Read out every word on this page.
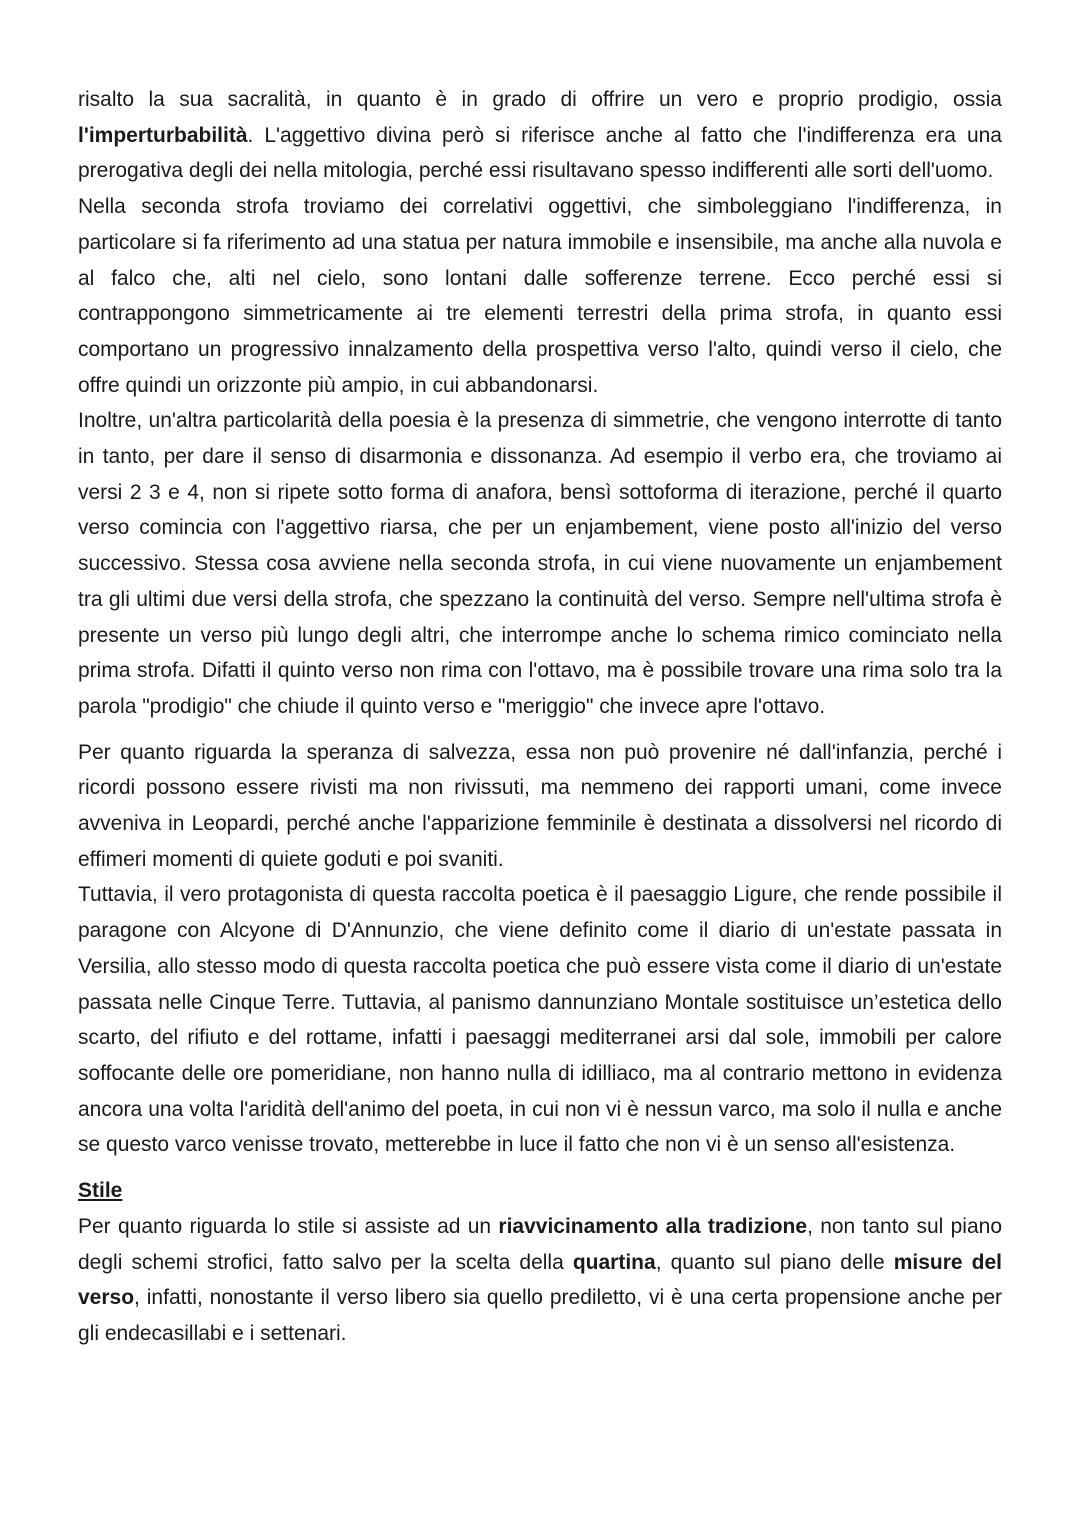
risalto la sua sacralità, in quanto è in grado di offrire un vero e proprio prodigio, ossia l'imperturbabilità. L'aggettivo divina però si riferisce anche al fatto che l'indifferenza era una prerogativa degli dei nella mitologia, perché essi risultavano spesso indifferenti alle sorti dell'uomo.

Nella seconda strofa troviamo dei correlativi oggettivi, che simboleggiano l'indifferenza, in particolare si fa riferimento ad una statua per natura immobile e insensibile, ma anche alla nuvola e al falco che, alti nel cielo, sono lontani dalle sofferenze terrene. Ecco perché essi si contrappongono simmetricamente ai tre elementi terrestri della prima strofa, in quanto essi comportano un progressivo innalzamento della prospettiva verso l'alto, quindi verso il cielo, che offre quindi un orizzonte più ampio, in cui abbandonarsi.

Inoltre, un'altra particolarità della poesia è la presenza di simmetrie, che vengono interrotte di tanto in tanto, per dare il senso di disarmonia e dissonanza. Ad esempio il verbo era, che troviamo ai versi 2 3 e 4, non si ripete sotto forma di anafora, bensì sottoforma di iterazione, perché il quarto verso comincia con l'aggettivo riarsa, che per un enjambement, viene posto all'inizio del verso successivo. Stessa cosa avviene nella seconda strofa, in cui viene nuovamente un enjambement tra gli ultimi due versi della strofa, che spezzano la continuità del verso. Sempre nell'ultima strofa è presente un verso più lungo degli altri, che interrompe anche lo schema rimico cominciato nella prima strofa. Difatti il quinto verso non rima con l'ottavo, ma è possibile trovare una rima solo tra la parola "prodigio" che chiude il quinto verso e "meriggio" che invece apre l'ottavo.

Per quanto riguarda la speranza di salvezza, essa non può provenire né dall'infanzia, perché i ricordi possono essere rivisti ma non rivissuti, ma nemmeno dei rapporti umani, come invece avveniva in Leopardi, perché anche l'apparizione femminile è destinata a dissolversi nel ricordo di effimeri momenti di quiete goduti e poi svaniti.

Tuttavia, il vero protagonista di questa raccolta poetica è il paesaggio Ligure, che rende possibile il paragone con Alcyone di D'Annunzio, che viene definito come il diario di un'estate passata in Versilia, allo stesso modo di questa raccolta poetica che può essere vista come il diario di un'estate passata nelle Cinque Terre. Tuttavia, al panismo dannunziano Montale sostituisce un’estetica dello scarto, del rifiuto e del rottame, infatti i paesaggi mediterranei arsi dal sole, immobili per calore soffocante delle ore pomeridiane, non hanno nulla di idilliaco, ma al contrario mettono in evidenza ancora una volta l'aridità dell'animo del poeta, in cui non vi è nessun varco, ma solo il nulla e anche se questo varco venisse trovato, metterebbe in luce il fatto che non vi è un senso all'esistenza.

Stile

Per quanto riguarda lo stile si assiste ad un riavvicinamento alla tradizione, non tanto sul piano degli schemi strofici, fatto salvo per la scelta della quartina, quanto sul piano delle misure del verso, infatti, nonostante il verso libero sia quello prediletto, vi è una certa propensione anche per gli endecasillabi e i settenari.
